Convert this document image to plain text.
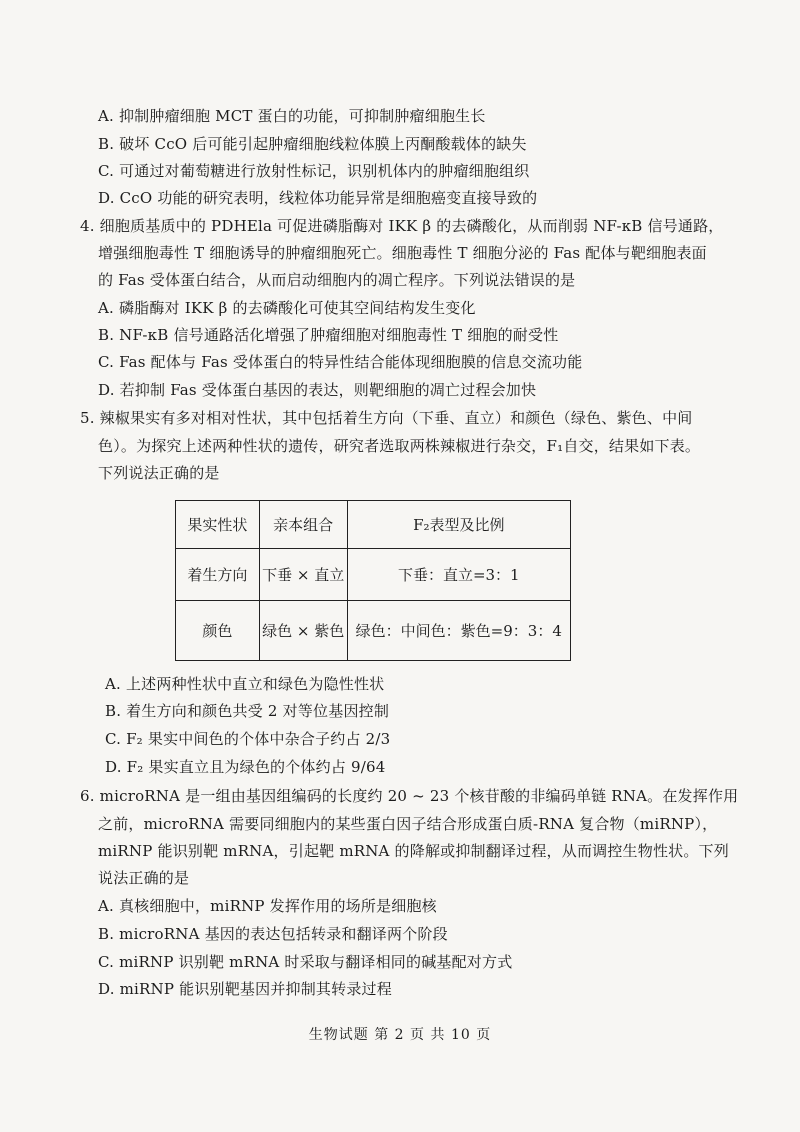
A. 抑制肿瘤细胞 MCT 蛋白的功能，可抑制肿瘤细胞生长
B. 破坏 CcO 后可能引起肿瘤细胞线粒体膜上丙酮酸载体的缺失
C. 可通过对葡萄糖进行放射性标记，识别机体内的肿瘤细胞组织
D. CcO 功能的研究表明，线粒体功能异常是细胞癌变直接导致的
4. 细胞质基质中的 PDHEla 可促进磷脂酶对 IKK β 的去磷酸化，从而削弱 NF-κB 信号通路，
增强细胞毒性 T 细胞诱导的肿瘤细胞死亡。细胞毒性 T 细胞分泌的 Fas 配体与靶细胞表面
的 Fas 受体蛋白结合，从而启动细胞内的凋亡程序。下列说法错误的是
A. 磷脂酶对 IKK β 的去磷酸化可使其空间结构发生变化
B. NF-κB 信号通路活化增强了肿瘤细胞对细胞毒性 T 细胞的耐受性
C. Fas 配体与 Fas 受体蛋白的特异性结合能体现细胞膜的信息交流功能
D. 若抑制 Fas 受体蛋白基因的表达，则靶细胞的凋亡过程会加快
5. 辣椒果实有多对相对性状，其中包括着生方向（下垂、直立）和颜色（绿色、紫色、中间
色）。为探究上述两种性状的遗传，研究者选取两株辣椒进行杂交，F₁自交，结果如下表。
下列说法正确的是
果实性状	亲本组合	F₂表型及比例
着生方向	下垂 × 直立	下垂：直立=3：1
颜色	绿色 × 紫色	绿色：中间色：紫色=9：3：4
A. 上述两种性状中直立和绿色为隐性性状
B. 着生方向和颜色共受 2 对等位基因控制
C. F₂ 果实中间色的个体中杂合子约占 2/3
D. F₂ 果实直立且为绿色的个体约占 9/64
6. microRNA 是一组由基因组编码的长度约 20 ~ 23 个核苷酸的非编码单链 RNA。在发挥作用
之前，microRNA 需要同细胞内的某些蛋白因子结合形成蛋白质-RNA 复合物（miRNP），
miRNP 能识别靶 mRNA，引起靶 mRNA 的降解或抑制翻译过程，从而调控生物性状。下列
说法正确的是
A. 真核细胞中，miRNP 发挥作用的场所是细胞核
B. microRNA 基因的表达包括转录和翻译两个阶段
C. miRNP 识别靶 mRNA 时采取与翻译相同的碱基配对方式
D. miRNP 能识别靶基因并抑制其转录过程
生物试题 第 2 页 共 10 页
